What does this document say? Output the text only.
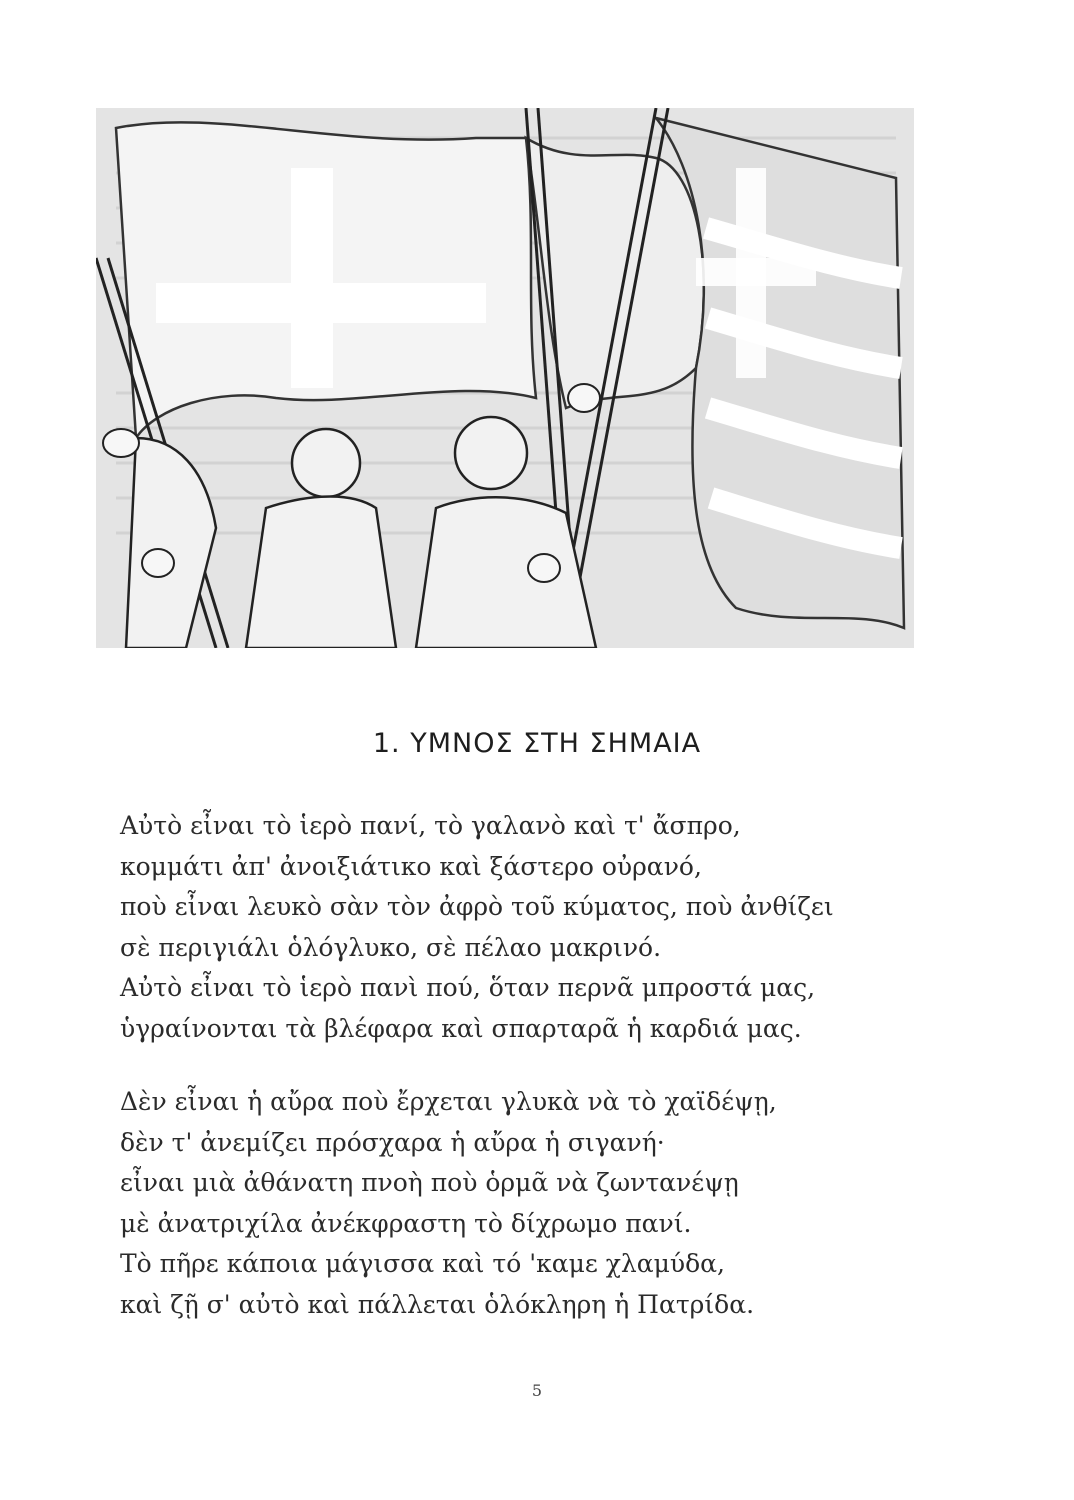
1. ΥΜΝΟΣ ΣΤΗ ΣΗΜΑΙΑ
Αὐτὸ εἶναι τὸ ἱερὸ πανί, τὸ γαλανὸ καὶ τ' ἄσπρο,
κομμάτι ἀπ' ἀνοιξιάτικο καὶ ξάστερο οὐρανό,
ποὺ εἶναι λευκὸ σὰν τὸν ἀφρὸ τοῦ κύματος, ποὺ ἀνθίζει
σὲ περιγιάλι ὁλόγλυκο, σὲ πέλαο μακρινό.
Αὐτὸ εἶναι τὸ ἱερὸ πανὶ πού, ὅταν περνᾶ μπροστά μας,
ὑγραίνονται τὰ βλέφαρα καὶ σπαρταρᾶ ἡ καρδιά μας.
Δὲν εἶναι ἡ αὔρα ποὺ ἔρχεται γλυκὰ νὰ τὸ χαϊδέψῃ,
δὲν τ' ἀνεμίζει πρόσχαρα ἡ αὔρα ἡ σιγανή·
εἶναι μιὰ ἀθάνατη πνοὴ ποὺ ὁρμᾶ νὰ ζωντανέψῃ
μὲ ἀνατριχίλα ἀνέκφραστη τὸ δίχρωμο πανί.
Τὸ πῆρε κάποια μάγισσα καὶ τό 'καμε χλαμύδα,
καὶ ζῇ σ' αὐτὸ καὶ πάλλεται ὁλόκληρη ἡ Πατρίδα.
5
